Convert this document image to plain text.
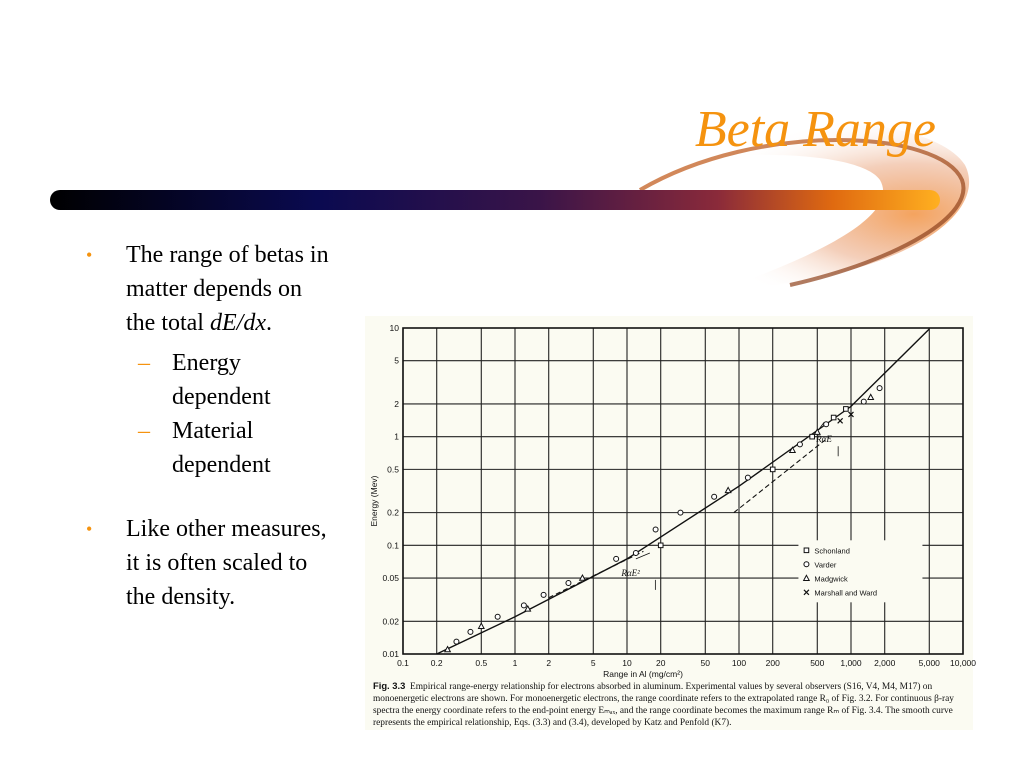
Beta Range
• The range of betas in matter depends on the total dE/dx.
– Energy dependent
– Material dependent
• Like other measures, it is often scaled to the density.
0.1	0.2	0.5	1	2	5	10	20	50	100 200	500 1,000 2,000	5,000 10,000
0.01
0.02
0.05
0.1
0.2
0.5
1
2
5
10
Range in Al (mg/cm²)
Energy (Mev)
RαE²
RαE
Schonland
Varder
Madgwick
Marshall and Ward
Fig. 3.3 Empirical range-energy relationship for electrons absorbed in aluminum. Experimental values by several observers (S16, V4, M4, M17) on monoenergetic electrons are shown. For monoenergetic electrons, the range coordinate refers to the extrapolated range R₀ of Fig. 3.2. For continuous β-ray spectra the energy coordinate refers to the end-point energy Eₘₐₓ, and the range coordinate becomes the maximum range Rₘ of Fig. 3.4. The smooth curve represents the empirical relationship, Eqs. (3.3) and (3.4), developed by Katz and Penfold (K7).
